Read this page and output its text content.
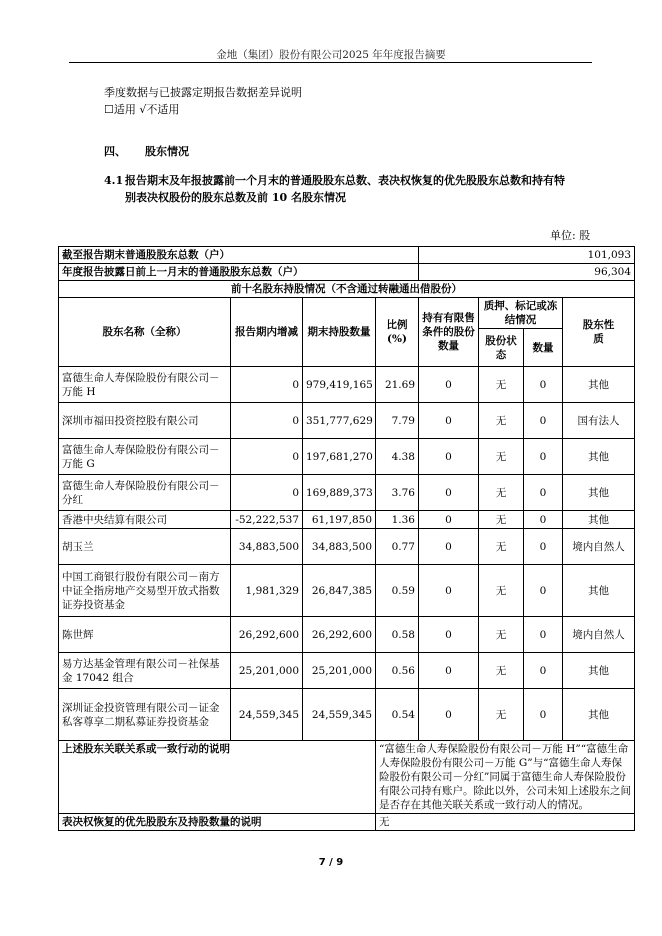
金地（集团）股份有限公司2025 年年度报告摘要
季度数据与已披露定期报告数据差异说明
☐适用 √不适用
四、 股东情况
4.1 报告期末及年报披露前一个月末的普通股股东总数、表决权恢复的优先股股东总数和持有特
别表决权股份的股东总数及前 10 名股东情况
单位: 股
截至报告期末普通股股东总数（户）				101,093			
年度报告披露日前上一月末的普通股股东总数（户）				96,304			
前十名股东持股情况（不含通过转融通出借股份）							
股东名称（全称）	报告期内增减	期末持股数量	比例(%)	持有有限售条件的股份数量	质押、标记或冻结情况		股东性质
					股份状态	数量	
富德生命人寿保险股份有限公司－万能 H	0	979,419,165	21.69	0	无	0	其他
深圳市福田投资控股有限公司	0	351,777,629	7.79	0	无	0	国有法人
富德生命人寿保险股份有限公司－万能 G	0	197,681,270	4.38	0	无	0	其他
富德生命人寿保险股份有限公司－分红	0	169,889,373	3.76	0	无	0	其他
香港中央结算有限公司	-52,222,537	61,197,850	1.36	0	无	0	其他
胡玉兰	34,883,500	34,883,500	0.77	0	无	0	境内自然人
中国工商银行股份有限公司－南方中证全指房地产交易型开放式指数证券投资基金	1,981,329	26,847,385	0.59	0	无	0	其他
陈世辉	26,292,600	26,292,600	0.58	0	无	0	境内自然人
易方达基金管理有限公司－社保基金 17042 组合	25,201,000	25,201,000	0.56	0	无	0	其他
深圳证金投资管理有限公司－证金私客尊享二期私募证券投资基金	24,559,345	24,559,345	0.54	0	无	0	其他
上述股东关联关系或一致行动的说明			“富德生命人寿保险股份有限公司－万能 H”“富德生命人寿保险股份有限公司－万能 G”与“富德生命人寿保险股份有限公司－分红”同属于富德生命人寿保险股份有限公司持有账户。除此以外，公司未知上述股东之间是否存在其他关联关系或一致行动人的情况。				
表决权恢复的优先股股东及持股数量的说明			无				
7 / 9
